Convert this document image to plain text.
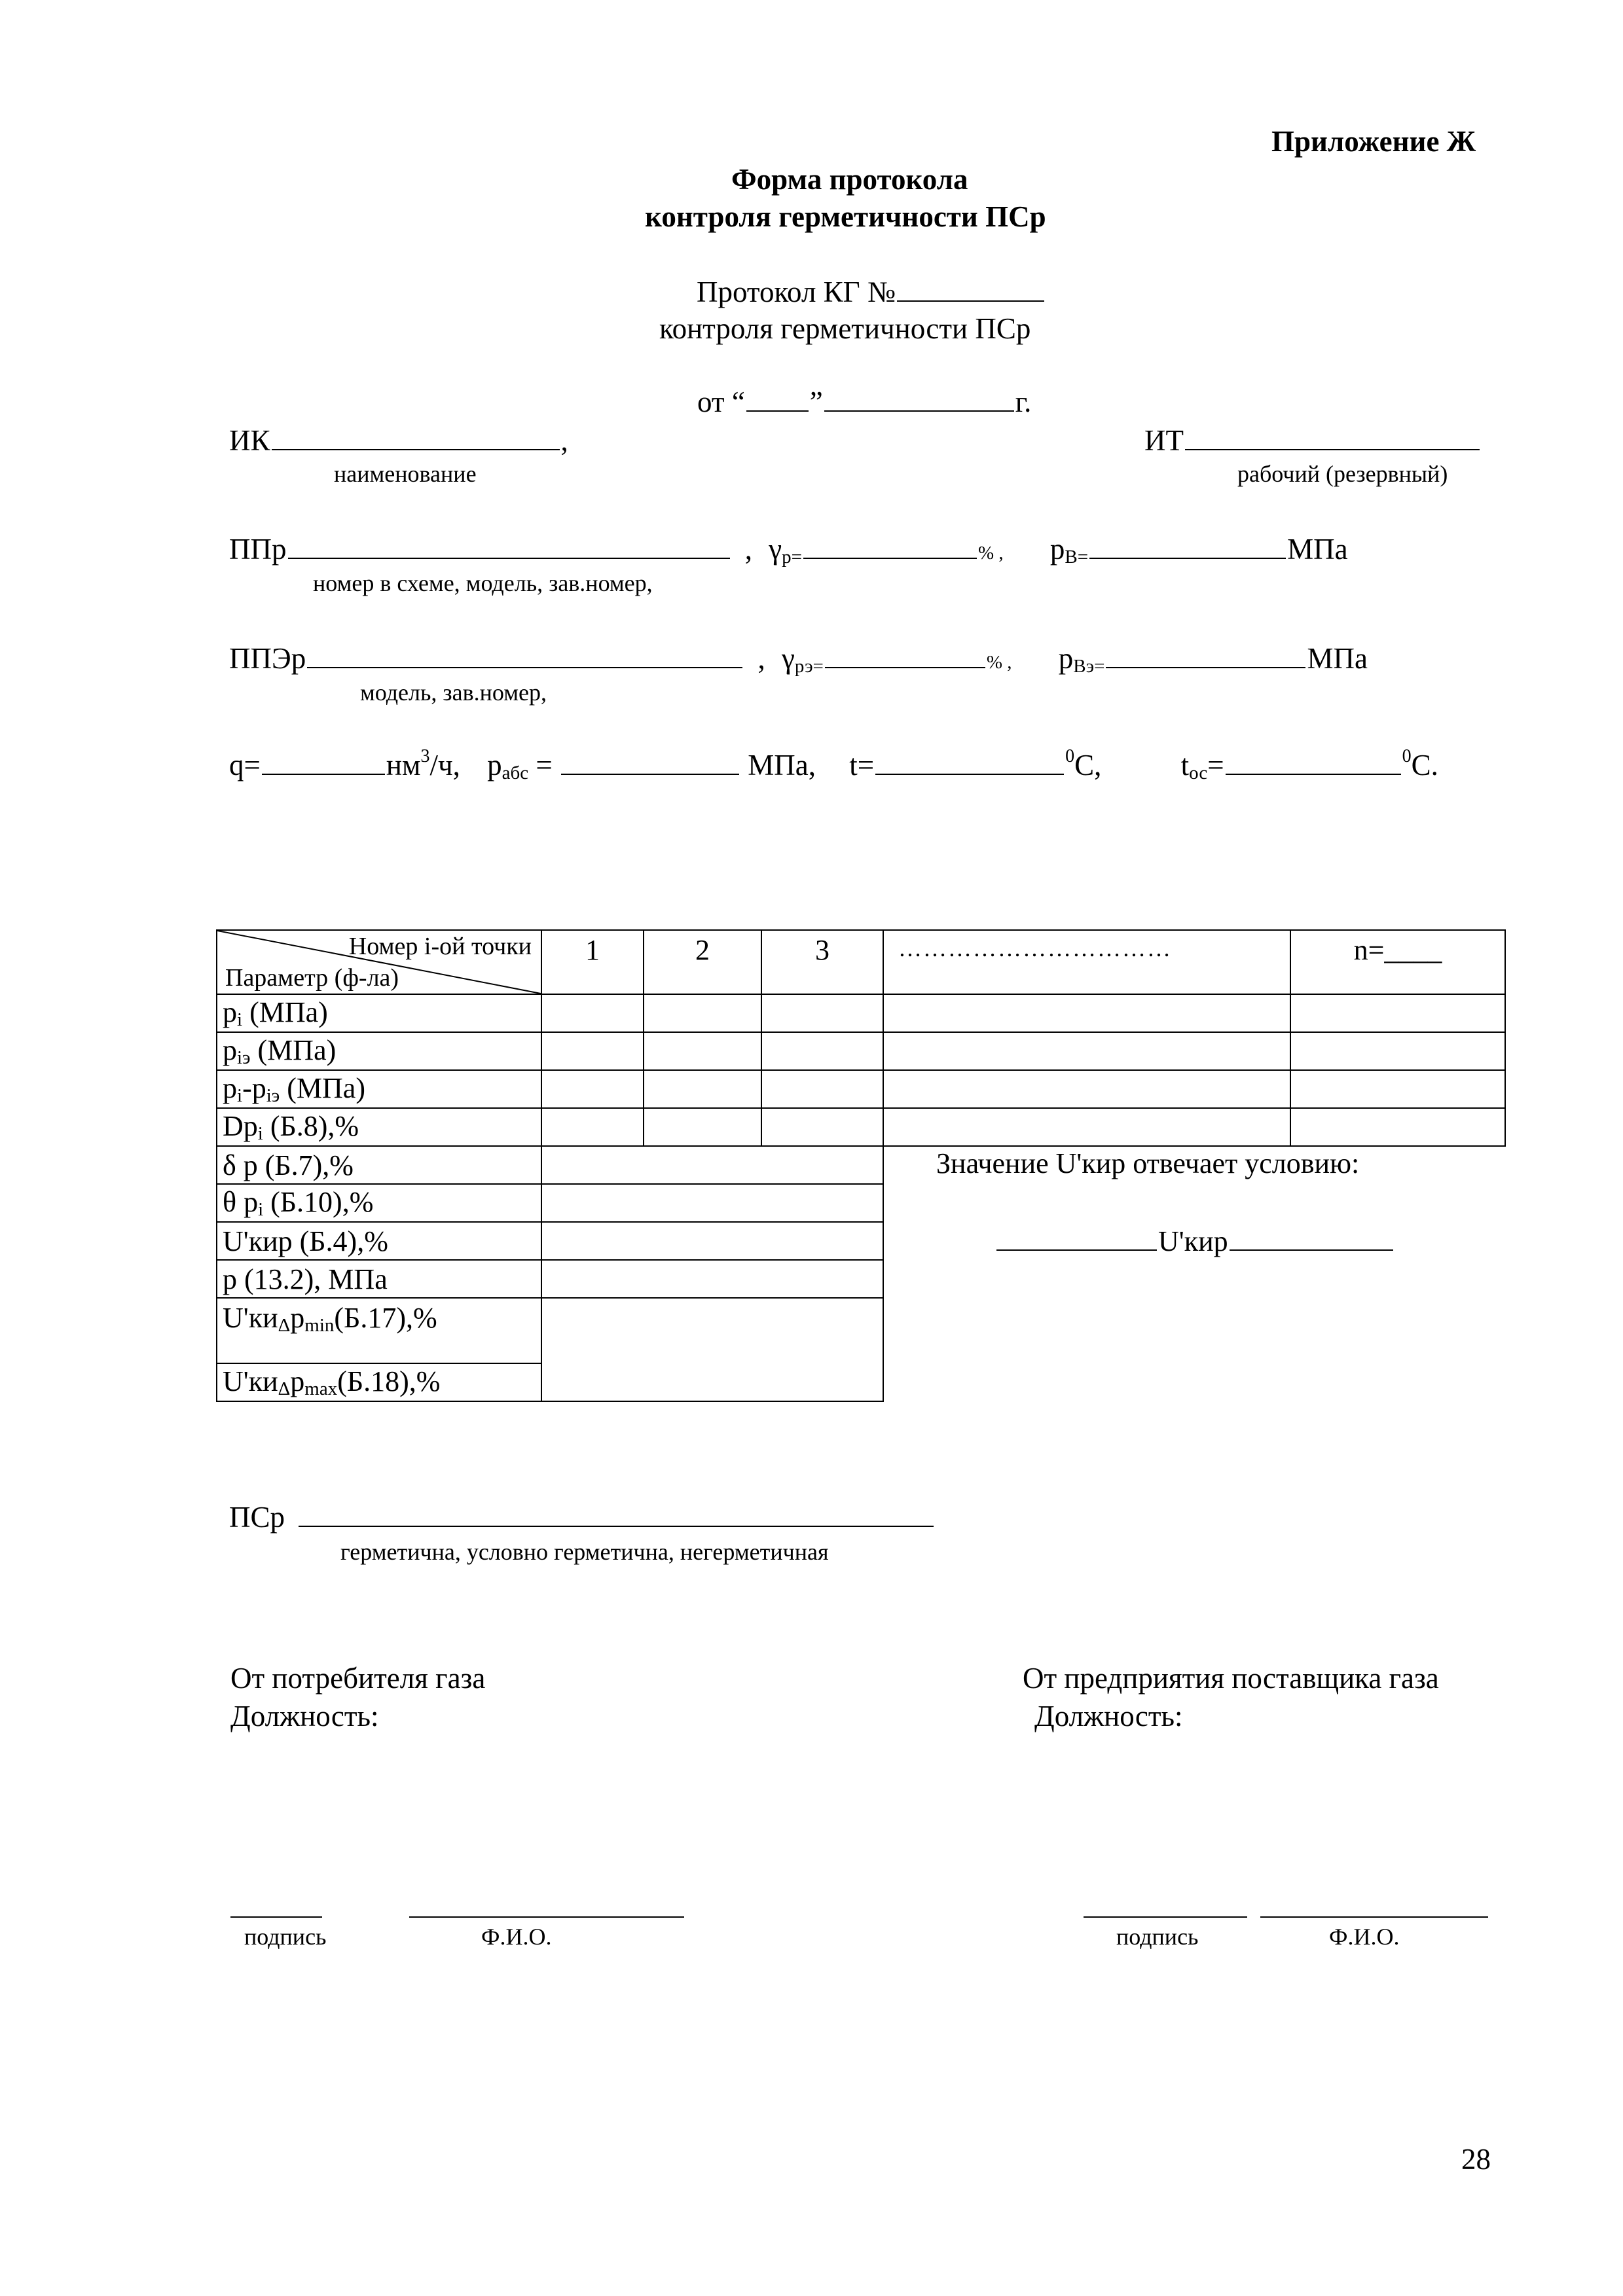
Приложение Ж
Форма протокола
контроля герметичности ПСр
Протокол КГ №
контроля герметичности ПСр
от “ ”	г.
ИК	,
наименование
ИТ
рабочий (резервный)
ППр	, $\gamma_{р=}$	% , $р_{В=}$	МПа
номер в схеме, модель, зав.номер,
ППЭр	, $\gamma_{рэ=}$	% , $р_{Вэ=}$	МПа
модель, зав.номер,
q=	$нм^3/ч$, $р_{абс}$ =	МПа, t=	$^0$С,	$t_{ос}=$	$^0$С.
Номер i-ой точки
Параметр (ф-ла)	1	2	3	……………………………	n=____
$р_i$ (МПа)					
$р_{iэ}$ (МПа)					
$р_i-р_{iэ}$ (МПа)					
$Dр_i$ (Б.8),%					
δ р (Б.7),%				Значение U'кир отвечает условию:	
θ $р_i$ (Б.10),%					
U'кир (Б.4),%				U'кир	
р (13.2), МПа					
$U'ки_\Delta р_{min}(Б.17),\%$					
$U'ки_\Delta р_{max}(Б.18),\%$					
ПСр
герметична, условно герметична, негерметичная
От потребителя газа
Должность:
От предприятия поставщика газа
Должность:
подпись	Ф.И.О.	подпись	Ф.И.О.
28
